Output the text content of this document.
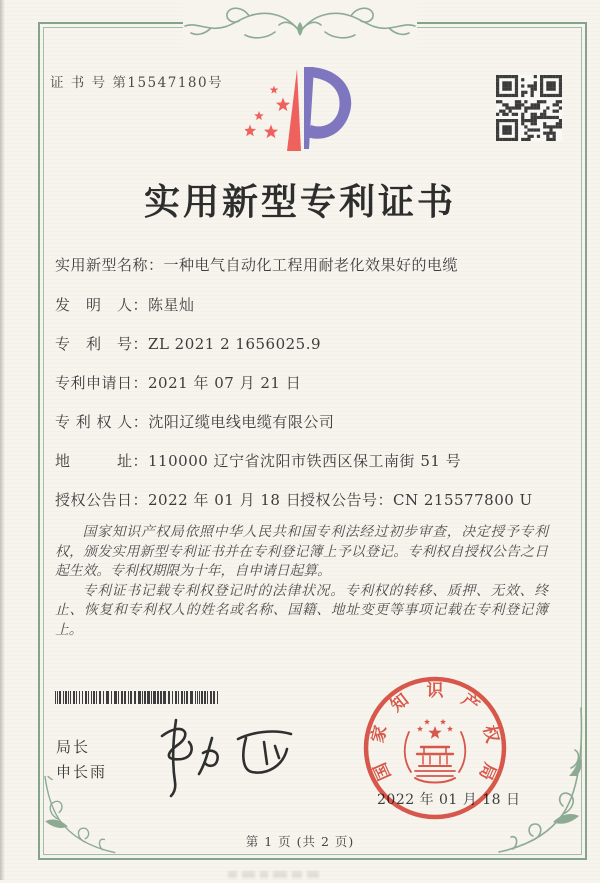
证 书 号 第15547180号
实用新型专利证书
实用新型名称：一种电气自动化工程用耐老化效果好的电缆
发　明　人：陈星灿
专　利　号：ZL 2021 2 1656025.9
专利申请日：2021 年 07 月 21 日
专 利 权 人：沈阳辽缆电线电缆有限公司
地　　　址：110000 辽宁省沈阳市铁西区保工南街 51 号
授权公告日：2022 年 01 月 18 日
授权公告号：CN 215577800 U

国家知识产权局依照中华人民共和国专利法经过初步审查，决定授予专利权，颁发实用新型专利证书并在专利登记簿上予以登记。专利权自授权公告之日起生效。专利权期限为十年，自申请日起算。

专利证书记载专利权登记时的法律状况。专利权的转移、质押、无效、终止、恢复和专利权人的姓名或名称、国籍、地址变更等事项记载在专利登记簿上。

局长
申长雨
2022 年 01 月 18 日
国
家
知 识 产
权
局
第 1 页 (共 2 页)
